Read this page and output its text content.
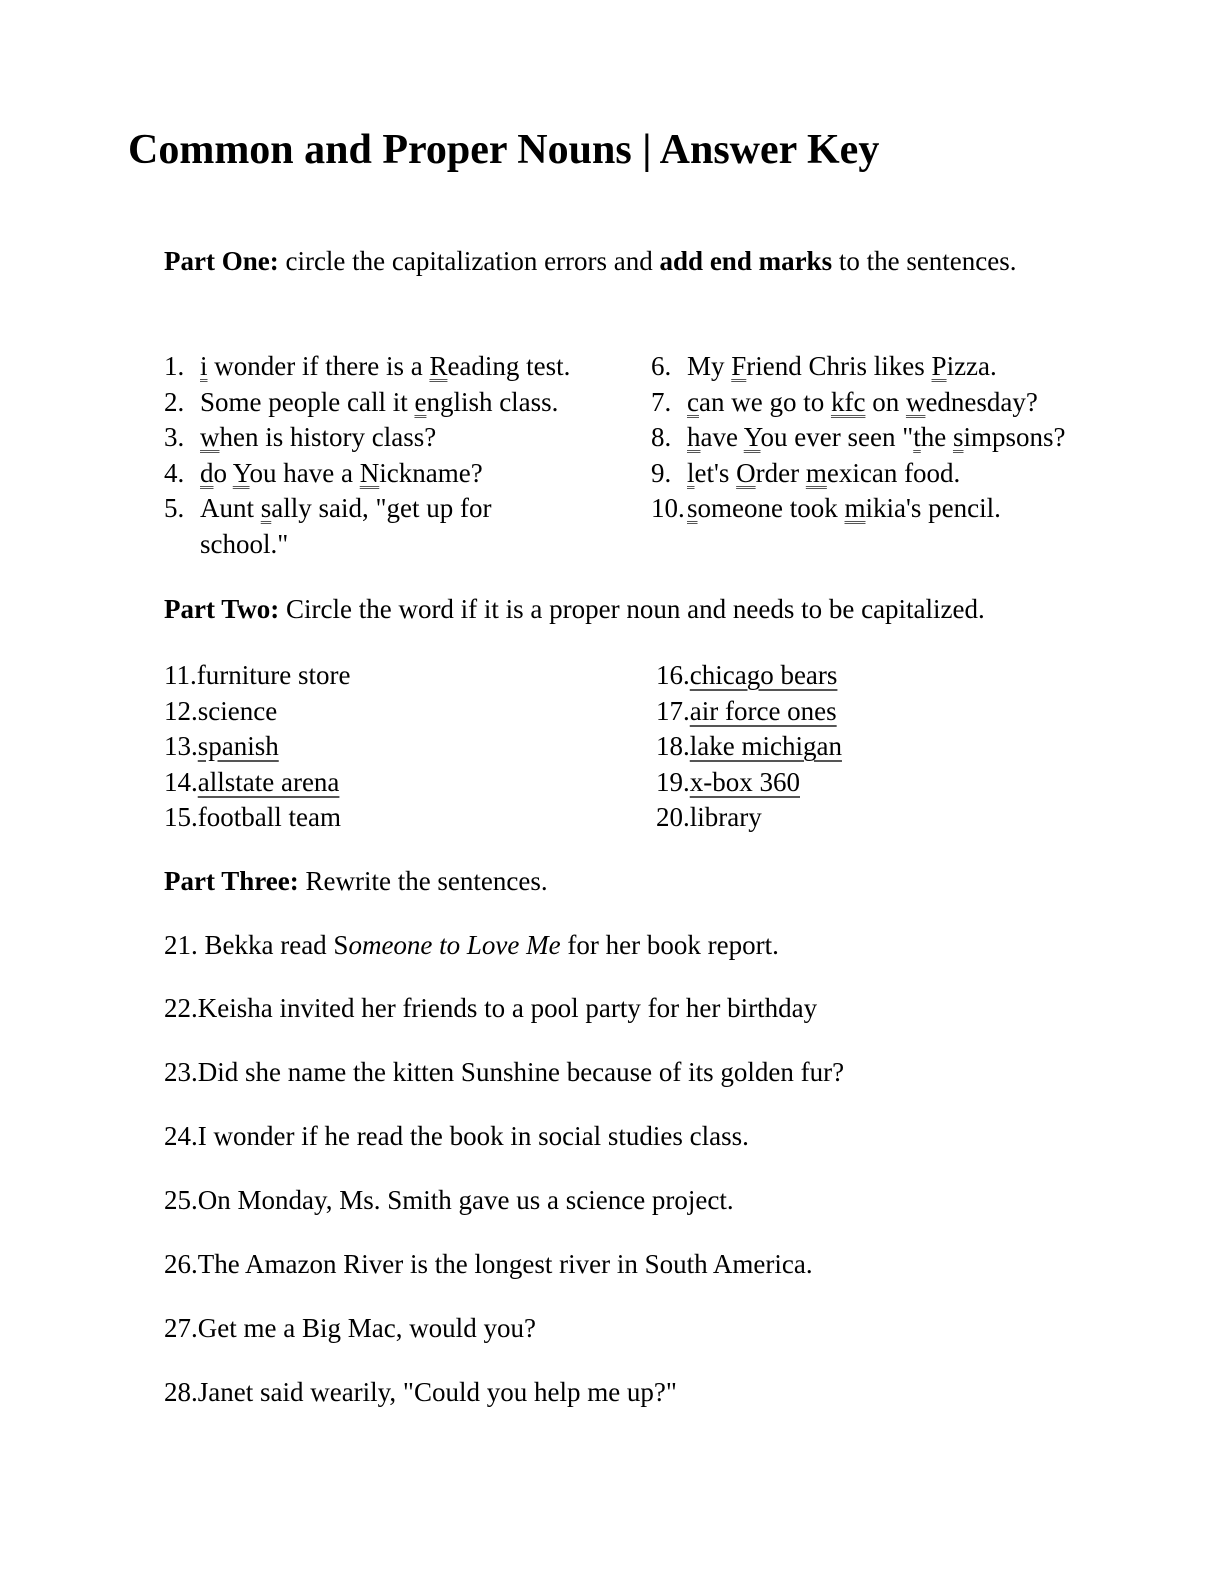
Common and Proper Nouns | Answer Key

Part One: circle the capitalization errors and add end marks to the sentences.

1. i wonder if there is a Reading test.
2. Some people call it english class.
3. when is history class?
4. do You have a Nickname?
5. Aunt sally said, "get up for school."
6. My Friend Chris likes Pizza.
7. can we go to kfc on wednesday?
8. have You ever seen "the simpsons?
9. let's Order mexican food.
10. someone took mikia's pencil.

Part Two: Circle the word if it is a proper noun and needs to be capitalized.

11.furniture store
12.science
13.spanish
14.allstate arena
15.football team
16.chicago bears
17.air force ones
18.lake michigan
19.x-box 360
20.library

Part Three: Rewrite the sentences.

21. Bekka read Someone to Love Me for her book report.

22.Keisha invited her friends to a pool party for her birthday

23.Did she name the kitten Sunshine because of its golden fur?

24.I wonder if he read the book in social studies class.

25.On Monday, Ms. Smith gave us a science project.

26.The Amazon River is the longest river in South America.

27.Get me a Big Mac, would you?

28.Janet said wearily, "Could you help me up?"
